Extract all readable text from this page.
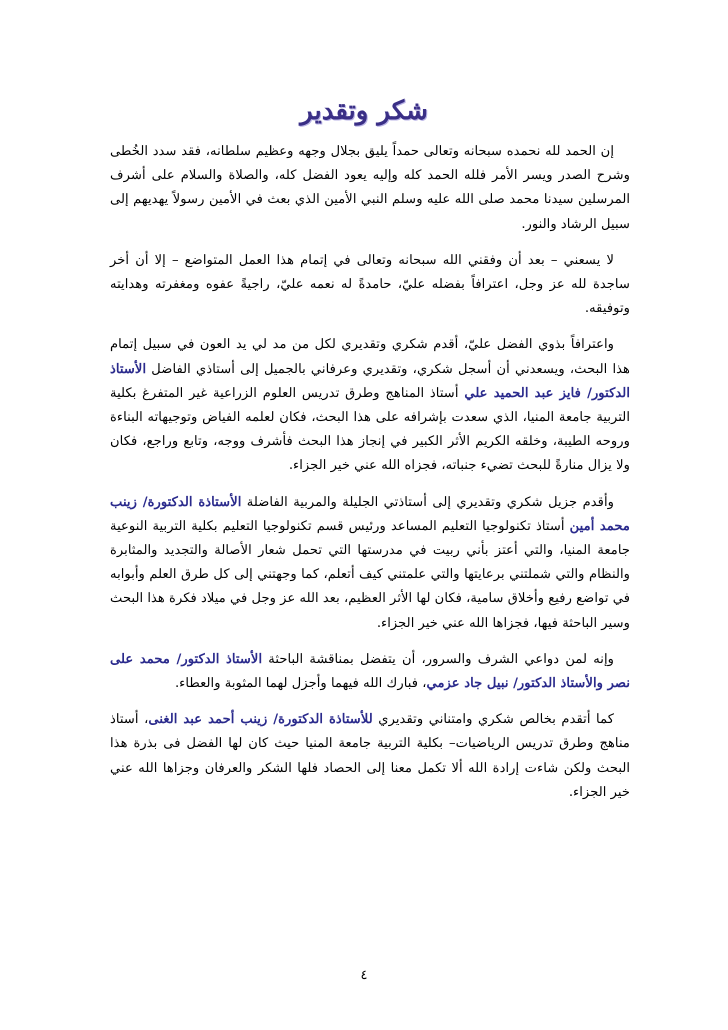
شكر وتقدير

إن الحمد لله نحمده سبحانه وتعالى حمداً يليق بجلال وجهه وعظيم سلطانه، فقد سدد الخُطى وشرح الصدر ويسر الأمر فلله الحمد كله وإليه يعود الفضل كله، والصلاة والسلام على أشرف المرسلين سيدنا محمد صلى الله عليه وسلم النبي الأمين الذي بعث في الأمين رسولاً يهديهم إلى سبيل الرشاد والنور.

لا يسعني – بعد أن وفقني الله سبحانه وتعالى في إتمام هذا العمل المتواضع – إلا أن أخر ساجدة لله عز وجل، اعترافاً بفضله عليّ، حامدةً له نعمه عليّ، راجيةً عفوه ومغفرته وهدايته وتوفيقه.

واعترافاً بذوي الفضل عليّ، أقدم شكري وتقديري لكل من مد لي يد العون في سبيل إتمام هذا البحث، ويسعدني أن أسجل شكري، وتقديري وعرفاني بالجميل إلى أستاذي الفاضل الأستاذ الدكتور/ فايز عبد الحميد علي أستاذ المناهج وطرق تدريس العلوم الزراعية غير المتفرغ بكلية التربية جامعة المنيا، الذي سعدت بإشرافه على هذا البحث، فكان لعلمه الفياض وتوجيهاته البناءة وروحه الطيبة، وخلقه الكريم الأثر الكبير في إنجاز هذا البحث فأشرف ووجه، وتابع وراجع، فكان ولا يزال منارةً للبحث تضيء جنباته، فجزاه الله عني خير الجزاء.

وأقدم جزيل شكري وتقديري إلى أستاذتي الجليلة والمربية الفاضلة الأستاذة الدكتورة/ زينب محمد أمين أستاذ تكنولوجيا التعليم المساعد ورئيس قسم تكنولوجيا التعليم بكلية التربية النوعية جامعة المنيا، والتي أعتز بأني ربيت في مدرستها التي تحمل شعار الأصالة والتجديد والمثابرة والنظام والتي شملتني برعايتها والتي علمتني كيف أتعلم، كما وجهتني إلى كل طرق العلم وأبوابه في تواضع رفيع وأخلاق سامية، فكان لها الأثر العظيم، بعد الله عز وجل في ميلاد فكرة هذا البحث وسير الباحثة فيها، فجزاها الله عني خير الجزاء.

وإنه لمن دواعي الشرف والسرور، أن يتفضل بمناقشة الباحثة الأستاذ الدكتور/ محمد على نصر والأستاذ الدكتور/ نبيل جاد عزمي، فبارك الله فيهما وأجزل لهما المثوبة والعطاء.

كما أتقدم بخالص شكري وامتناني وتقديري للأستاذة الدكتورة/ زينب أحمد عبد الغنى، أستاذ مناهج وطرق تدريس الرياضيات– بكلية التربية جامعة المنيا حيث كان لها الفضل فى بذرة هذا البحث ولكن شاءت إرادة الله ألا تكمل معنا إلى الحصاد فلها الشكر والعرفان وجزاها الله عني خير الجزاء.

٤
